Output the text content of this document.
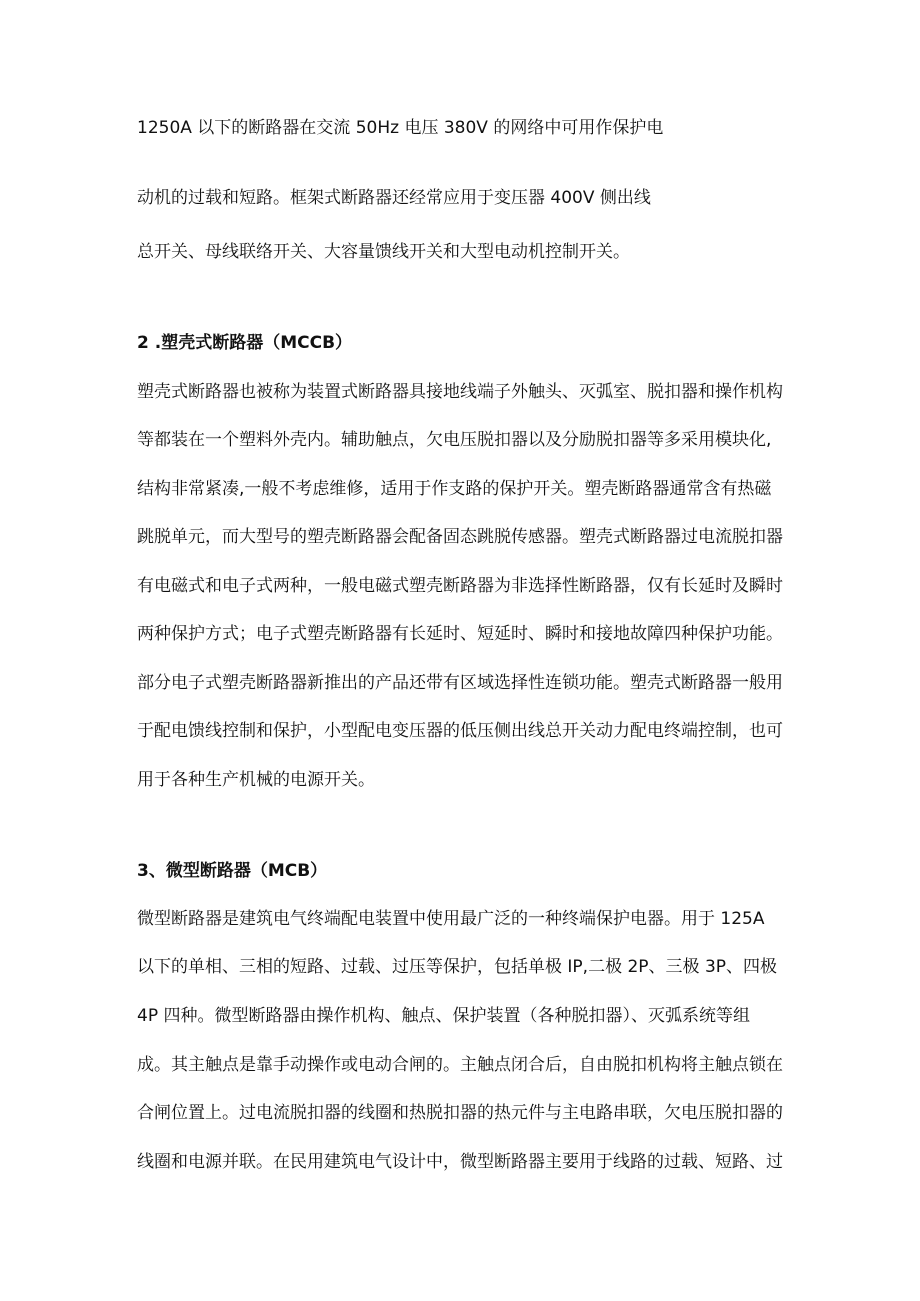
1250A 以下的断路器在交流 50Hz 电压 380V 的网络中可用作保护电
动机的过载和短路。框架式断路器还经常应用于变压器 400V 侧出线
总开关、母线联络开关、大容量馈线开关和大型电动机控制开关。
2 .塑壳式断路器（MCCB）
塑壳式断路器也被称为装置式断路器具接地线端子外触头、灭弧室、脱扣器和操作机构
等都装在一个塑料外壳内。辅助触点，欠电压脱扣器以及分励脱扣器等多采用模块化,
结构非常紧凑,一般不考虑维修，适用于作支路的保护开关。塑壳断路器通常含有热磁
跳脱单元，而大型号的塑壳断路器会配备固态跳脱传感器。塑壳式断路器过电流脱扣器
有电磁式和电子式两种，一般电磁式塑壳断路器为非选择性断路器，仅有长延时及瞬时
两种保护方式；电子式塑壳断路器有长延时、短延时、瞬时和接地故障四种保护功能。
部分电子式塑壳断路器新推出的产品还带有区域选择性连锁功能。塑壳式断路器一般用
于配电馈线控制和保护，小型配电变压器的低压侧出线总开关动力配电终端控制，也可
用于各种生产机械的电源开关。
3、微型断路器（MCB）
微型断路器是建筑电气终端配电装置中使用最广泛的一种终端保护电器。用于 125A
以下的单相、三相的短路、过载、过压等保护，包括单极 IP,二极 2P、三极 3P、四极
4P 四种。微型断路器由操作机构、触点、保护装置（各种脱扣器）、灭弧系统等组
成。其主触点是靠手动操作或电动合闸的。主触点闭合后，自由脱扣机构将主触点锁在
合闸位置上。过电流脱扣器的线圈和热脱扣器的热元件与主电路串联，欠电压脱扣器的
线圈和电源并联。在民用建筑电气设计中，微型断路器主要用于线路的过载、短路、过
